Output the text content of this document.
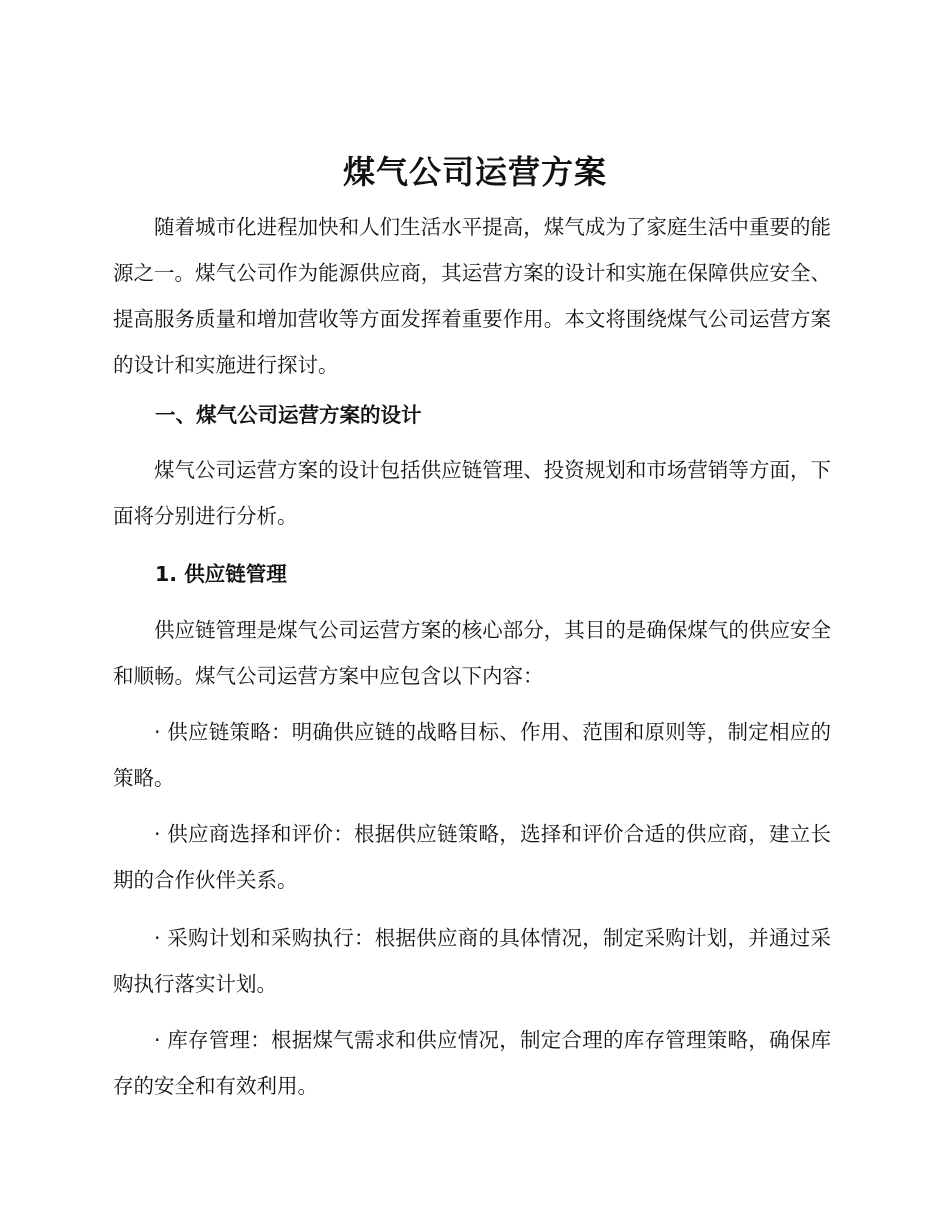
煤气公司运营方案

随着城市化进程加快和人们生活水平提高，煤气成为了家庭生活中重要的能源之一。煤气公司作为能源供应商，其运营方案的设计和实施在保障供应安全、提高服务质量和增加营收等方面发挥着重要作用。本文将围绕煤气公司运营方案的设计和实施进行探讨。

一、煤气公司运营方案的设计

煤气公司运营方案的设计包括供应链管理、投资规划和市场营销等方面，下面将分别进行分析。

1. 供应链管理

供应链管理是煤气公司运营方案的核心部分，其目的是确保煤气的供应安全和顺畅。煤气公司运营方案中应包含以下内容：

· 供应链策略：明确供应链的战略目标、作用、范围和原则等，制定相应的策略。

· 供应商选择和评价：根据供应链策略，选择和评价合适的供应商，建立长期的合作伙伴关系。

· 采购计划和采购执行：根据供应商的具体情况，制定采购计划，并通过采购执行落实计划。

· 库存管理：根据煤气需求和供应情况，制定合理的库存管理策略，确保库存的安全和有效利用。
